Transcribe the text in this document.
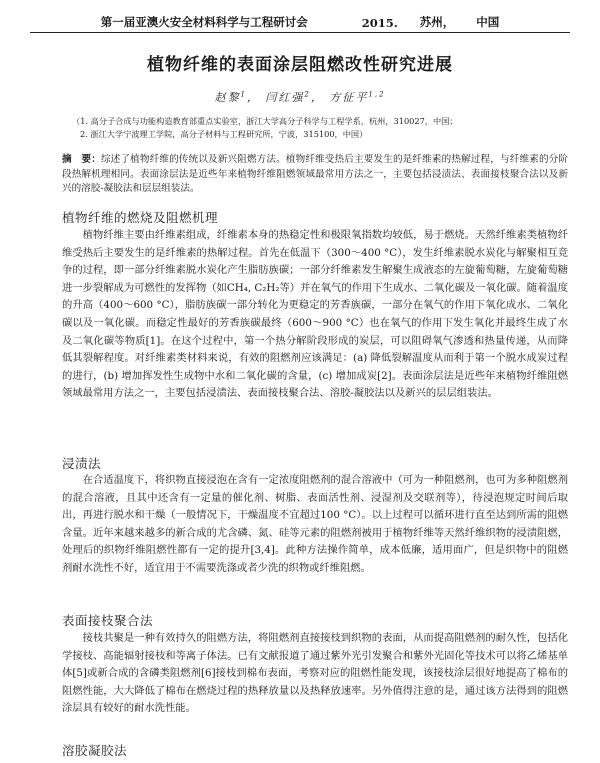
第一届亚澳火安全材料科学与工程研讨会	2015. 苏州， 中国
植物纤维的表面涂层阻燃改性研究进展
赵黎$^1$， 闫红强$^2$， 方征平$^{1,2}$
（1. 高分子合成与功能构造教育部重点实验室，浙江大学高分子科学与工程学系，杭州，310027，中国；
2. 浙江大学宁波理工学院，高分子材料与工程研究所，宁波，315100，中国）
摘　要：综述了植物纤维的传统以及新兴阻燃方法。植物纤维受热后主要发生的是纤维素的热解过程，与纤维素的分阶段热解机理相同。表面涂层法是近些年来植物纤维阻燃领域最常用方法之一，主要包括浸渍法、表面接枝聚合法以及新兴的溶胶-凝胶法和层层组装法。
植物纤维的燃烧及阻燃机理
植物纤维主要由纤维素组成，纤维素本身的热稳定性和极限氧指数均较低，易于燃烧。天然纤维素类植物纤维受热后主要发生的是纤维素的热解过程。首先在低温下（300～400 °C），发生纤维素脱水炭化与解聚相互竞争的过程，即一部分纤维素脱水炭化产生脂肪族碳；一部分纤维素发生解聚生成液态的左旋葡萄糖，左旋葡萄糖进一步裂解成为可燃性的发挥物（如CH₄, C₂H₂等）并在氧气的作用下生成水、二氧化碳及一氧化碳。随着温度的升高（400～600 °C），脂肪族碳一部分转化为更稳定的芳香族碳，一部分在氧气的作用下氧化成水、二氧化碳以及一氧化碳。而稳定性最好的芳香族碳最终（600～900 °C）也在氧气的作用下发生氧化并最终生成了水及二氧化碳等物质[1]。在这个过程中，第一个热分解阶段形成的炭层，可以阻碍氧气渗透和热量传递，从而降低其裂解程度。对纤维素类材料来说，有效的阻燃剂应该满足：(a) 降低裂解温度从而利于第一个脱水成炭过程的进行，(b) 增加挥发性生成物中水和二氧化碳的含量，(c) 增加成炭[2]。表面涂层法是近些年来植物纤维阻燃领域最常用方法之一，主要包括浸渍法、表面接枝聚合法、溶胶-凝胶法以及新兴的层层组装法。
浸渍法
在合适温度下，将织物直接浸泡在含有一定浓度阻燃剂的混合溶液中（可为一种阻燃剂，也可为多种阻燃剂的混合溶液，且其中还含有一定量的催化剂、树脂、表面活性剂、浸湿剂及交联剂等），待浸泡规定时间后取出，再进行脱水和干燥（一般情况下，干燥温度不宜超过100 °C）。以上过程可以循环进行直至达到所需的阻燃含量。近年来越来越多的新合成的尤含磷、氮、硅等元素的阻燃剂被用于植物纤维等天然纤维织物的浸渍阻燃，处理后的织物纤维阻燃性都有一定的提升[3,4]。此种方法操作简单，成本低廉，适用面广，但是织物中的阻燃剂耐水洗性不好，适宜用于不需要洗涤或者少洗的织物或纤维阻燃。
表面接枝聚合法
接枝共聚是一种有效持久的阻燃方法，将阻燃剂直接接枝到织物的表面，从而提高阻燃剂的耐久性，包括化学接枝、高能辐射接枝和等离子体法。已有文献报道了通过紫外光引发聚合和紫外光固化等技术可以将乙烯基单体[5]或新合成的含磷类阻燃剂[6]接枝到棉布表面，考察对应的阻燃性能发现，该接枝涂层很好地提高了棉布的阻燃性能，大大降低了棉布在燃烧过程的热释放量以及热释放速率。另外值得注意的是，通过该方法得到的阻燃涂层具有较好的耐水洗性能。
溶胶凝胶法
